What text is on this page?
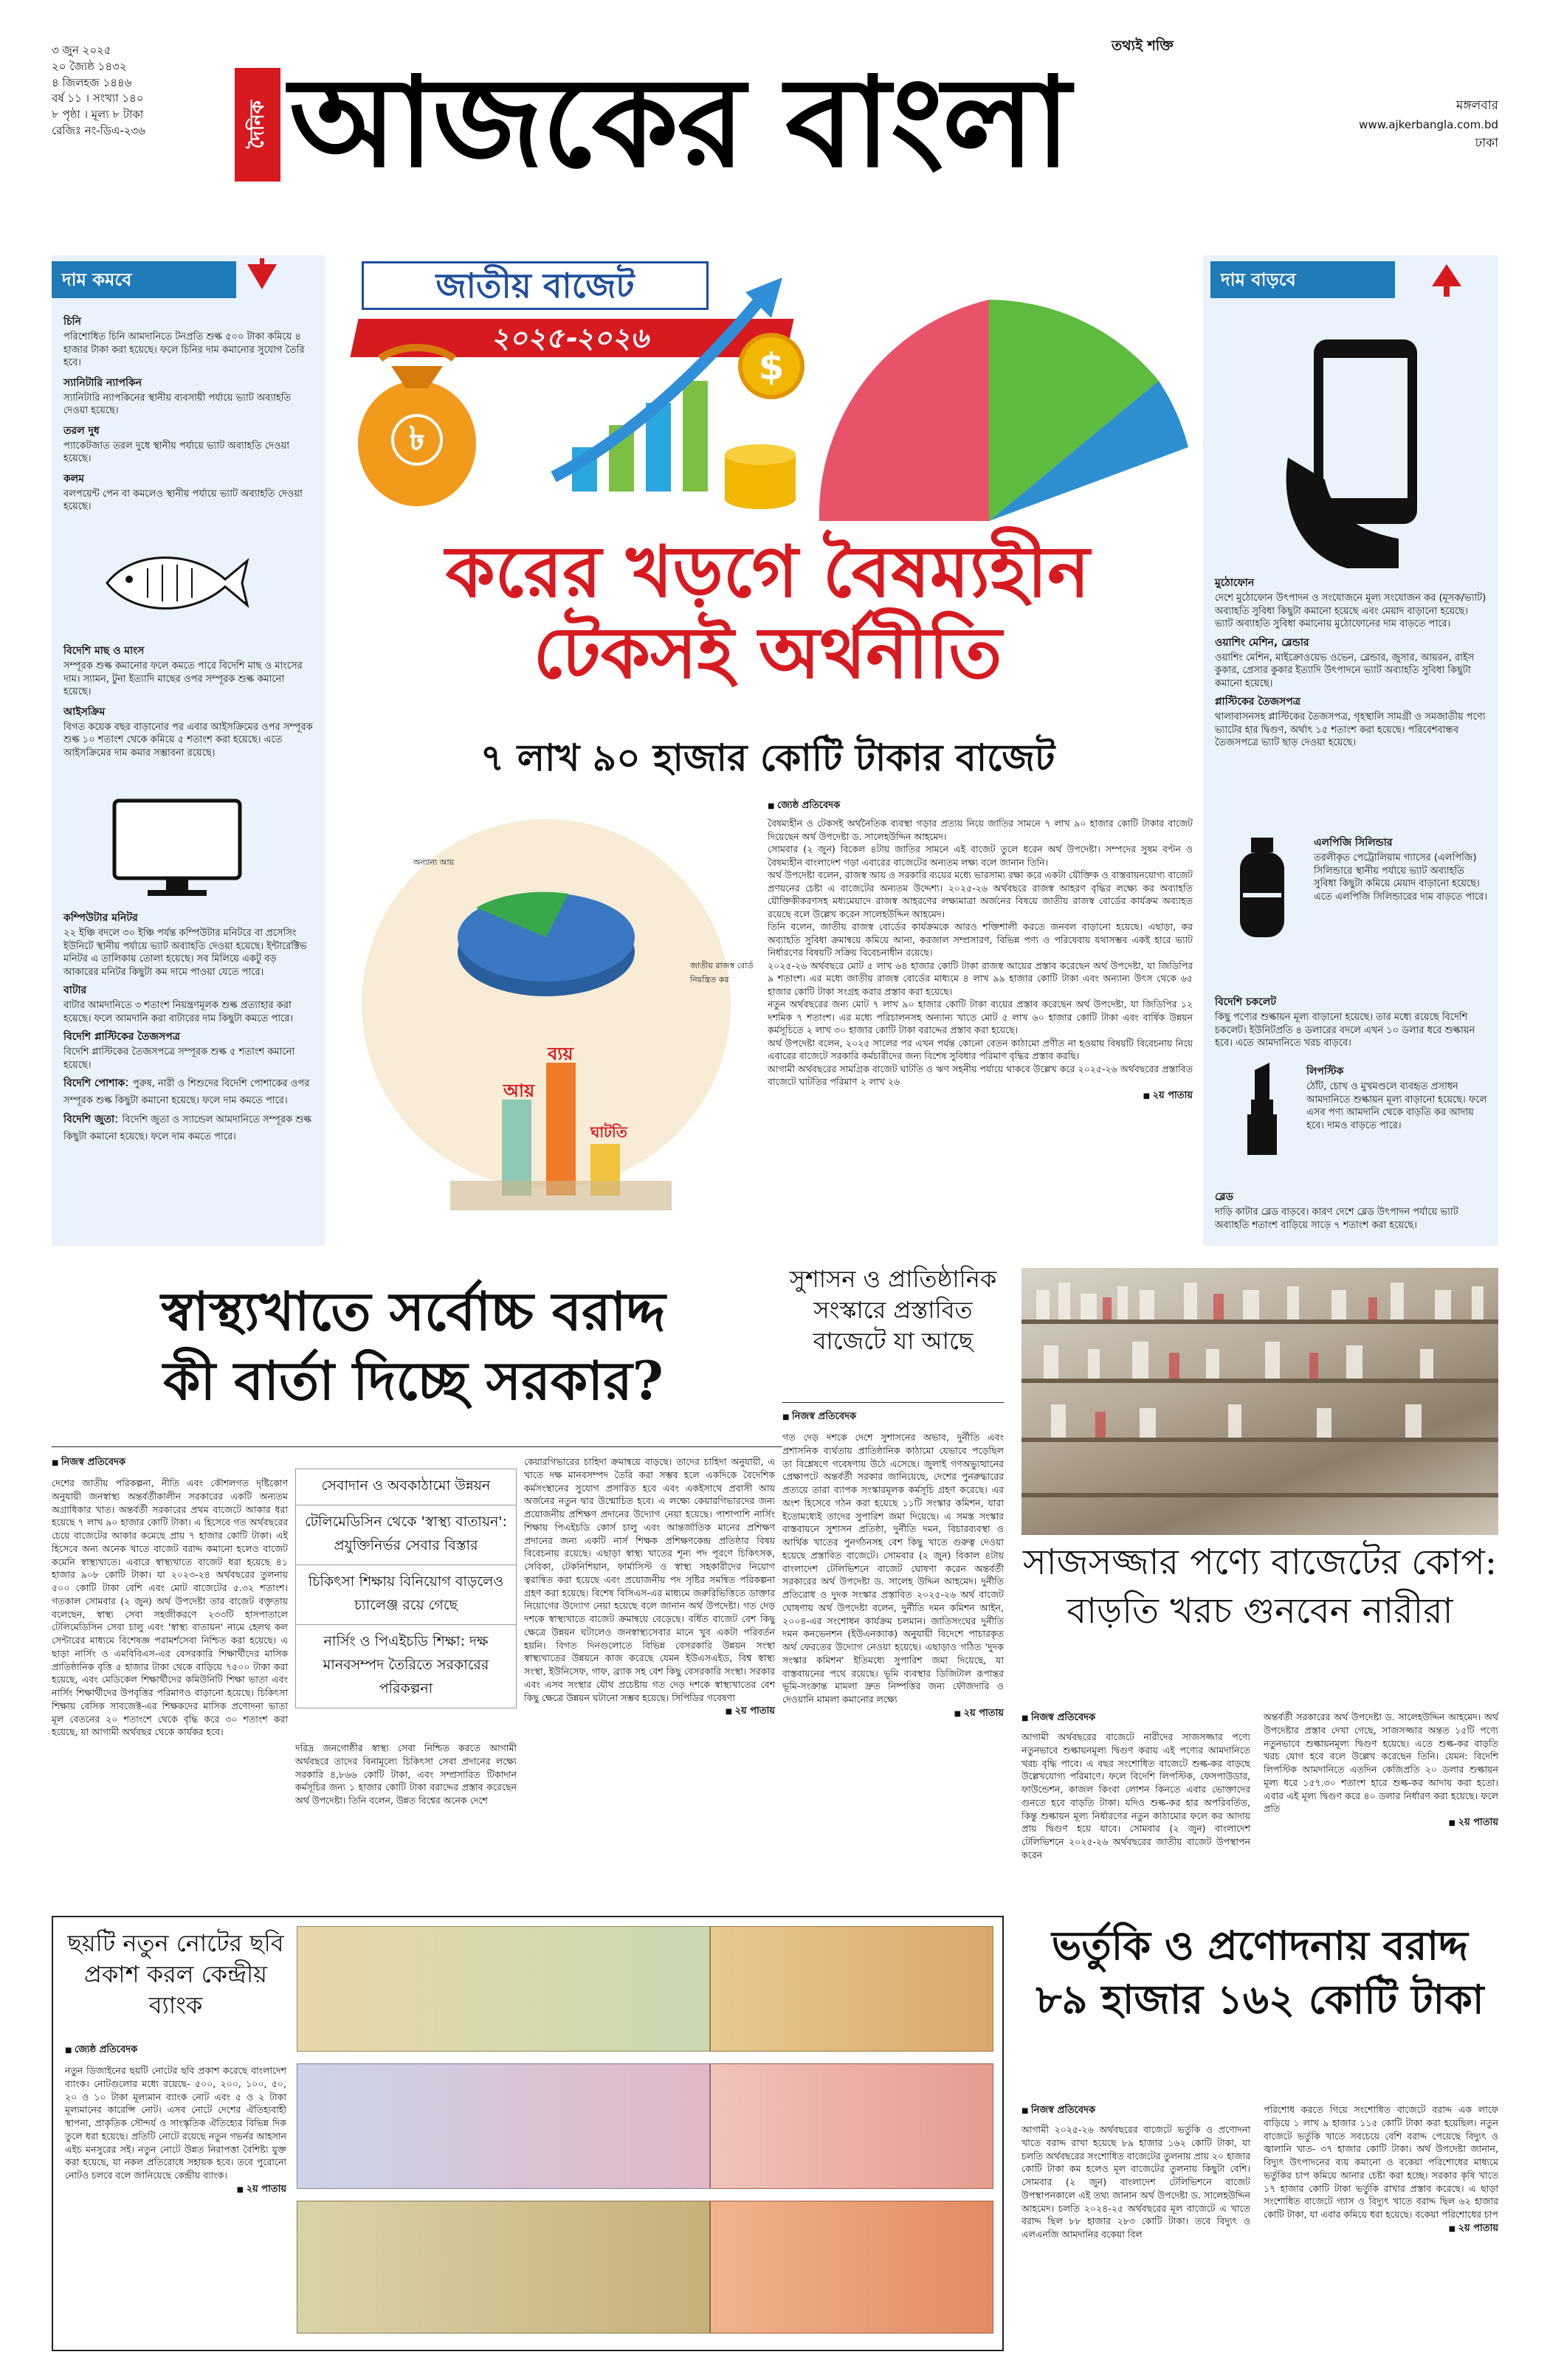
৩ জুন ২০২৫
২০ জ্যৈষ্ঠ ১৪৩২
৪ জিলহজ ১৪৪৬
বর্ষ ১১ । সংখ্যা ১৪০
৮ পৃষ্ঠা । মূল্য ৮ টাকা
রেজিঃ নং-ডিএ-২৩৬	দৈনিক আজকের বাংলা
তথ্যই শক্তি
মঙ্গলবার
www.ajkerbangla.com.bd
ঢাকা
দাম কমবে
চিনি
পরিশোধিত চিনি আমদানিতে টনপ্রতি শুল্ক ৫০০ টাকা কমিয়ে ৪ হাজার টাকা করা হয়েছে। ফলে চিনির দাম কমানোর সুযোগ তৈরি হবে।
স্যানিটারি ন্যাপকিন
স্যানিটারি ন্যাপকিনের স্থানীয় ব্যবসায়ী পর্যায়ে ভ্যাট অব্যাহতি দেওয়া হয়েছে।
তরল দুধ
প্যাকেটজাত তরল দুধে স্থানীয় পর্যায়ে ভ্যাট অব্যাহতি দেওয়া হয়েছে।
কলম
বলপয়েন্ট পেন বা কমলেও স্থানীয় পর্যায়ে ভ্যাট অব্যাহতি দেওয়া হয়েছে।
বিদেশি মাছ ও মাংস
সম্পূরক শুল্ক কমানোর ফলে কমতে পারে বিদেশি মাছ ও মাংসের দাম। স্যামন, টুনা ইত্যাদি মাছের ওপর সম্পূরক শুল্ক কমানো হয়েছে।
আইসক্রিম
বিগত কয়েক বছর বাড়ানোর পর এবার আইসক্রিমের ওপর সম্পূরক শুল্ক ১০ শতাংশ থেকে কমিয়ে ৫ শতাংশ করা হয়েছে। এতে আইসক্রিমের দাম কমার সম্ভাবনা রয়েছে।
কম্পিউটার মনিটর
২২ ইঞ্চি বদলে ৩০ ইঞ্চি পর্যন্ত কম্পিউটার মনিটরে বা প্রসেসিং ইউনিটে স্থানীয় পর্যায়ে ভ্যাট অব্যাহতি দেওয়া হয়েছে। ইন্টারেক্টিভ মনিটর এ তালিকায় তোলা হয়েছে। সব মিলিয়ে একটু বড় আকারের মনিটর কিছুটা কম দামে পাওয়া যেতে পারে।
বাটার
বাটার আমদানিতে ৩ শতাংশ নিয়ন্ত্রণমূলক শুল্ক প্রত্যাহার করা হয়েছে। ফলে আমদানি করা বাটারের দাম কিছুটা কমতে পারে।
বিদেশি প্লাস্টিকের তৈজসপত্র
বিদেশি প্লাস্টিকের তৈজসপত্রে সম্পূরক শুল্ক ৫ শতাংশ কমানো হয়েছে।
বিদেশি পোশাক: পুরুষ, নারী ও শিশুদের বিদেশি পোশাকের ওপর সম্পূরক শুল্ক কিছুটা কমানো হয়েছে। ফলে দাম কমতে পারে।
বিদেশি জুতা: বিদেশি জুতা ও স্যান্ডেল আমদানিতে সম্পূরক শুল্ক কিছুটা কমানো হয়েছে। ফলে দাম কমতে পারে।
দাম বাড়বে
মুঠোফোন
দেশে মুঠোফোন উৎপাদন ও সংযোজনে মূল্য সংযোজন কর (মূসক/ভ্যাট) অব্যাহতি সুবিধা কিছুটা কমানো হয়েছে এবং মেয়াদ বাড়ানো হয়েছে। ভ্যাট অব্যাহতি সুবিধা কমানোয় মুঠোফোনের দাম বাড়তে পারে।
ওয়াশিং মেশিন, ব্লেন্ডার
ওয়াশিং মেশিন, মাইক্রোওয়েভ ওভেন, ব্লেন্ডার, জুসার, আয়রন, রাইস কুকার, প্রেসার কুকার ইত্যাদি উৎপাদনে ভ্যাট অব্যাহতি সুবিধা কিছুটা কমানো হয়েছে।
প্লাস্টিকের তৈজসপত্র
থালাবাসনসহ প্লাস্টিকের তৈজসপত্র, গৃহস্থালি সামগ্রী ও সমজাতীয় পণ্যে ভ্যাটের হার দ্বিগুণ, অর্থাৎ ১৫ শতাংশ করা হয়েছে। পরিবেশবান্ধব তৈজসপত্রে ভ্যাট ছাড় দেওয়া হয়েছে।
এলপিজি সিলিন্ডার
তরলীকৃত পেট্রোলিয়াম গ্যাসের (এলপিজি) সিলিন্ডারে স্থানীয় পর্যায়ে ভ্যাট অব্যাহতি সুবিধা কিছুটা কমিয়ে মেয়াদ বাড়ানো হয়েছে। এতে এলপিজি সিলিন্ডারের দাম বাড়তে পারে।
বিদেশি চকলেট
কিছু পণ্যের শুল্কায়ন মূল্য বাড়ানো হয়েছে। তার মধ্যে রয়েছে বিদেশি চকলেট। ইউনিটপ্রতি ৪ ডলারের বদলে এখন ১০ ডলার ধরে শুল্কায়ন হবে। এতে আমদানিতে খরচ বাড়বে।
লিপস্টিক
ঠোঁট, চোখ ও মুখমণ্ডলে ব্যবহৃত প্রসাধন আমদানিতে শুল্কায়ন মূল্য বাড়ানো হয়েছে। ফলে এসব পণ্য আমদানি থেকে বাড়তি কর আদায় হবে। দামও বাড়তে পারে।
ব্লেড
দাড়ি কাটার ব্লেড বাড়বে। কারণ দেশে ব্লেড উৎপাদন পর্যায়ে ভ্যাট অব্যাহতি শতাংশ বাড়িয়ে সাড়ে ৭ শতাংশ করা হয়েছে।
জাতীয় বাজেট
২০২৫-২০২৬
$
৳
করের খড়গে বৈষম্যহীন
টেকসই অর্থনীতি
৭ লাখ ৯০ হাজার কোটি টাকার বাজেট
অন্যান্য আয়
জাতীয় রাজস্ব বোর্ড নিয়ন্ত্রিত কর
আয়
ব্যয়
ঘাটতি
■ জ্যেষ্ঠ প্রতিবেদক

বৈষম্যহীন ও টেকসই অর্থনৈতিক ব্যবস্থা গড়ার প্রত্যয় নিয়ে জাতির সামনে ৭ লাখ ৯০ হাজার কোটি টাকার বাজেট দিয়েছেন অর্থ উপদেষ্টা ড. সালেহউদ্দিন আহমেদ।

সোমবার (২ জুন) বিকেল ৪টায় জাতির সামনে এই বাজেট তুলে ধরেন অর্থ উপদেষ্টা। সম্পদের সুষম বণ্টন ও বৈষম্যহীন বাংলাদেশ গড়া এবারের বাজেটের অন্যতম লক্ষ্য বলে জানান তিনি।

অর্থ উপদেষ্টা বলেন, রাজস্ব আয় ও সরকারি ব্যয়ের মধ্যে ভারসাম্য রক্ষা করে একটা যৌক্তিক ও বাস্তবায়নযোগ্য বাজেট প্রণয়নের চেষ্টা এ বাজেটের অন্যতম উদ্দেশ্য। ২০২৫-২৬ অর্থবছরে রাজস্ব আহরণ বৃদ্ধির লক্ষ্যে কর অব্যাহতি যৌক্তিকীকরণসহ মধ্যমেয়াদে রাজস্ব আহরণের লক্ষ্যমাত্রা অর্জনের বিষয়ে জাতীয় রাজস্ব বোর্ডের কার্যক্রম অব্যাহত রয়েছে বলে উল্লেখ করেন সালেহউদ্দিন আহমেদ।

তিনি বলেন, জাতীয় রাজস্ব বোর্ডের কার্যক্রমকে আরও শক্তিশালী করতে জনবল বাড়ানো হয়েছে। এছাড়া, কর অব্যাহতি সুবিধা ক্রমান্বয়ে কমিয়ে আনা, করজাল সম্প্রসারণ, বিভিন্ন পণ্য ও পরিষেবায় যথাসম্ভব একই হারে ভ্যাট নির্ধারণের বিষয়টি সক্রিয় বিবেচনাধীন রয়েছে।

২০২৫-২৬ অর্থবছরে মোট ৫ লাখ ৬৪ হাজার কোটি টাকা রাজস্ব আয়ের প্রস্তাব করেছেন অর্থ উপদেষ্টা, যা জিডিপির ৯ শতাংশ। এর মধ্যে জাতীয় রাজস্ব বোর্ডের মাধ্যমে ৪ লাখ ৯৯ হাজার কোটি টাকা এবং অন্যান্য উৎস থেকে ৬৫ হাজার কোটি টাকা সংগ্রহ করার প্রস্তাব করা হয়েছে।

নতুন অর্থবছরের জন্য মোট ৭ লাখ ৯০ হাজার কোটি টাকা ব্যয়ের প্রস্তাব করেছেন অর্থ উপদেষ্টা, যা জিডিপির ১২ দশমিক ৭ শতাংশ। এর মধ্যে পরিচালনসহ অন্যান্য খাতে মোট ৫ লাখ ৬০ হাজার কোটি টাকা এবং বার্ষিক উন্নয়ন কর্মসূচিতে ২ লাখ ৩০ হাজার কোটি টাকা বরাদ্দের প্রস্তাব করা হয়েছে।

অর্থ উপদেষ্টা বলেন, ২০২৫ সালের পর এখন পর্যন্ত কোনো বেতন কাঠামো প্রণীত না হওয়ায় বিষয়টি বিবেচনায় নিয়ে এবারের বাজেটে সরকারি কর্মচারীদের জন্য বিশেষ সুবিধার পরিমাণ বৃদ্ধির প্রস্তাব করছি।

আগামী অর্থবছরের সামগ্রিক বাজেট ঘাটতি ও ঋণ সহনীয় পর্যায়ে থাকবে উল্লেখ করে ২০২৫-২৬ অর্থবছরের প্রস্তাবিত বাজেটে ঘাটতির পরিমাণ ২ লাখ ২৬

■ ২য় পাতায়
স্বাস্থ্যখাতে সর্বোচ্চ বরাদ্দ
কী বার্তা দিচ্ছে সরকার?
■ নিজস্ব প্রতিবেদক
দেশের জাতীয় পরিকল্পনা, নীতি এবং কৌশলগত দৃষ্টিকোণ অনুযায়ী জনস্বাস্থ্য অন্তর্বর্তীকালীন সরকারের একটি অন্যতম অগ্রাধিকার খাত। অন্তর্বর্তী সরকারের প্রথম বাজেটে আকার ধরা হয়েছে ৭ লাখ ৯০ হাজার কোটি টাকা। এ হিসেবে গত অর্থবছরের চেয়ে বাজেটের আকার কমেছে প্রায় ৭ হাজার কোটি টাকা। এই হিসেবে অন্য অনেক খাতে বাজেট বরাদ্দ কমানো হলেও বাজেট কমেনি স্বাস্থ্যখাতে। এবারে স্বাস্থ্যখাতে বাজেট ধরা হয়েছে ৪১ হাজার ৯০৮ কোটি টাকা। যা ২০২৩-২৪ অর্থবছরের তুলনায় ৫০০ কোটি টাকা বেশি এবং মোট বাজেটের ৫.৩২ শতাংশ। গতকাল সোমবার (২ জুন) অর্থ উপদেষ্টা তার বাজেট বক্তৃতায় বলেছেন, স্বাস্থ্য সেবা সহজীকরণে ২৩৩টি হাসপাতালে টেলিমেডিসিন সেবা চালু এবং 'স্বাস্থ্য বাতায়ন' নামে হেলথ কল সেন্টারের মাধ্যমে বিশেষজ্ঞ পরামর্শসেবা নিশ্চিত করা হয়েছে। এ ছাড়া নার্সিং ও এমবিবিএস-এর বেসরকারি শিক্ষার্থীদের মাসিক প্রাতিষ্ঠানিক বৃত্তি ৫ হাজার টাকা থেকে বাড়িয়ে ৭৫০০ টাকা করা হয়েছে, এবং মেডিকেল শিক্ষার্থীদের কমিউনিটি শিক্ষা ভাতা এবং নার্সিং শিক্ষার্থীদের উপবৃত্তির পরিমাণও বাড়ানো হয়েছে। চিকিৎসা শিক্ষায় বেসিক সাবজেক্ট-এর শিক্ষকদের মাসিক প্রণোদনা ভাতা মূল বেতনের ২০ শতাংশে থেকে বৃদ্ধি করে ৩০ শতাংশ করা হয়েছে, যা আগামী অর্থবছর থেকে কার্যকর হবে।
সেবাদান ও অবকাঠামো উন্নয়ন
টেলিমেডিসিন থেকে 'স্বাস্থ্য বাতায়ন': প্রযুক্তিনির্ভর সেবার বিস্তার
চিকিৎসা শিক্ষায় বিনিয়োগ বাড়লেও চ্যালেঞ্জ রয়ে গেছে
নার্সিং ও পিএইচডি শিক্ষা: দক্ষ মানবসম্পদ তৈরিতে সরকারের পরিকল্পনা
দরিদ্র জনগোষ্ঠীর স্বাস্থ্য সেবা নিশ্চিত করতে আগামী অর্থবছরে তাদের বিনামূল্যে চিকিৎসা সেবা প্রদানের লক্ষ্যে সরকারি ৪,৮৬৬ কোটি টাকা, এবং সম্প্রসারিত টিকাদান কর্মসূচির জন্য ১ হাজার কোটি টাকা বরাদ্দের প্রস্তাব করেছেন অর্থ উপদেষ্টা। তিনি বলেন, উন্নত বিশ্বের অনেক দেশে
কেয়ারগিভারের চাহিদা ক্রমান্বয়ে বাড়ছে। তাদের চাহিদা অনুযায়ী, এ খাতে দক্ষ মানবসম্পদ তৈরি করা সম্ভব হলে একদিকে বৈদেশিক কর্মসংস্থানের সুযোগ প্রসারিত হবে এবং একইসাথে প্রবাসী আয় অর্জনের নতুন দ্বার উন্মোচিত হবে। এ লক্ষ্যে কেয়ারগিভারদের জন্য প্রয়োজনীয় প্রশিক্ষণ প্রদানের উদ্যোগ নেয়া হয়েছে। পাশাপাশি নার্সিং শিক্ষায় পিএইচডি কোর্স চালু এবং আন্তর্জাতিক মানের প্রশিক্ষণ প্রদানের জন্য একটি নার্স শিক্ষক প্রশিক্ষণকেন্দ্র প্রতিষ্ঠার বিষয় বিবেচনায় রয়েছে। এছাড়া স্বাস্থ্য খাতের শূন্য পদ পূরণে চিকিৎসক, সেবিকা, টেকনিশিয়ান, ফার্মাসিস্ট ও স্বাস্থ্য সহকারীদের নিয়োগ ত্বরান্বিত করা হয়েছে এবং প্রয়োজনীয় পদ সৃষ্টির সমন্বিত পরিকল্পনা গ্রহণ করা হয়েছে। বিশেষ বিসিএস-এর মাধ্যমে জরুরিভিত্তিতে ডাক্তার নিয়োগের উদ্যোগ নেয়া হয়েছে বলে জানান অর্থ উপদেষ্টা। গত দেড় দশকে স্বাস্থ্যখাতে বাজেট ক্রমান্বয়ে বেড়েছে। বর্ধিত বাজেট বেশ কিছু ক্ষেত্রে উন্নয়ন ঘটালেও জনস্বাস্থ্যসেবার মানে খুব একটা পরিবর্তন হয়নি। বিগত দিনগুলোতে বিভিন্ন বেসরকারি উন্নয়ন সংস্থা স্বাস্থ্যখাতের উন্নয়নে কাজ করেছে যেমন ইউএসএইড, বিশ্ব স্বাস্থ্য সংস্থা, ইউনিসেফ, গাফ, ব্র্যাক সহ বেশ কিছু বেসরকারি সংস্থা। সরকার এবং এসব সংস্থার যৌথ প্রচেষ্টায় গত দেড় দশকে স্বাস্থ্যখাতের বেশ কিছু ক্ষেত্রে উন্নয়ন ঘটানো সম্ভব হয়েছে। সিপিডির গবেষণা
■ ২য় পাতায়
সুশাসন ও প্রাতিষ্ঠানিক সংস্কারে প্রস্তাবিত বাজেটে যা আছে
■ নিজস্ব প্রতিবেদক
গত দেড় দশকে দেশে সুশাসনের অভাব, দুর্নীতি এবং প্রশাসনিক ব্যর্থতায় প্রাতিষ্ঠানিক কাঠামো যেভাবে পড়েছিল তা বিশ্লেষণে গবেষণায় উঠে এসেছে। জুলাই গণঅভ্যুত্থানের প্রেক্ষাপটে অন্তর্বর্তী সরকার জানিয়েছে, দেশের পুনরুদ্ধারের প্রত্যয়ে তারা ব্যাপক সংস্কারমূলক কর্মসূচি গ্রহণ করেছে। এর অংশ হিসেবে গঠন করা হয়েছে ১১টি সংস্কার কমিশন, যারা ইতোমধ্যেই তাদের সুপারিশ জমা দিয়েছে। এ সমস্ত সংস্কার বাস্তবায়নে সুশাসন প্রতিষ্ঠা, দুর্নীতি দমন, বিচারব্যবস্থা ও আর্থিক খাতের পুনর্গঠনসহ বেশ কিছু খাতে গুরুত্ব দেওয়া হয়েছে প্রস্তাবিত বাজেটে। সোমবার (২ জুন) বিকাল ৪টায় বাংলাদেশ টেলিভিশনে বাজেট ঘোষণা করেন অন্তর্বর্তী সরকারের অর্থ উপদেষ্টা ড. সালেহ উদ্দিন আহমেদ। দুর্নীতি প্রতিরোধ ও দুদক সংস্কার প্রস্তাবিত ২০২৫-২৬ অর্থ বাজেট ঘোষণায় অর্থ উপদেষ্টা বলেন, দুর্নীতি দমন কমিশন আইন, ২০০৪-এর সংশোধন কার্যক্রম চলমান। জাতিসংঘের দুর্নীতি দমন কনভেনশন (ইউএনক্যাক) অনুযায়ী বিদেশে পাচারকৃত অর্থ ফেরতের উদ্যোগ নেওয়া হয়েছে। এছাড়াও গঠিত 'দুদক সংস্কার কমিশন' ইতিমধ্যে সুপারিশ জমা দিয়েছে, যা বাস্তবায়নের পথে রয়েছে। ভূমি ব্যবস্থার ডিজিটাল রূপান্তর ভূমি-সংক্রান্ত মামলা দ্রুত নিষ্পত্তির জন্য ফৌজদারি ও দেওয়ানি মামলা কমানোর লক্ষ্যে
■ ২য় পাতায়
সাজসজ্জার পণ্যে বাজেটের কোপ: বাড়তি খরচ গুনবেন নারীরা
■ নিজস্ব প্রতিবেদক
আগামী অর্থবছরের বাজেটে নারীদের সাজসজ্জার পণ্যে নতুনভাবে শুল্কায়নমূল্য দ্বিগুণ করায় এই পণ্যের আমদানিতে খরচ বৃদ্ধি পাবে। এ বছর সংশোধিত বাজেটে শুল্ক-কর বাড়ছে উল্লেখযোগ্য পরিমাণে। ফলে বিদেশি লিপস্টিক, ফেসপাউডার, ফাউন্ডেশন, কাজল কিংবা লোশন কিনতে এবার ভোক্তাদের গুনতে হবে বাড়তি টাকা। যদিও শুল্ক-কর হার অপরিবর্তিত, কিন্তু শুল্কায়ন মূল্য নির্ধারণের নতুন কাঠামোর ফলে কর আদায় প্রায় দ্বিগুণ হয়ে যাবে। সোমবার (২ জুন) বাংলাদেশ টেলিভিশনে ২০২৫-২৬ অর্থবছরের জাতীয় বাজেট উপস্থাপন করেন
অন্তর্বর্তী সরকারের অর্থ উপদেষ্টা ড. সালেহউদ্দিন আহমেদ। অর্থ উপদেষ্টার প্রস্তাব দেখা গেছে, সাজসজ্জার অন্তত ১৫টি পণ্যে নতুনভাবে শুল্কায়নমূল্য দ্বিগুণ হয়েছে। এতে শুল্ক-কর বাড়তি খরচ যোগ হবে বলে উল্লেখ করেছেন তিনি। যেমন: বিদেশি লিপস্টিক আমদানিতে এতদিন কেজিপ্রতি ২০ ডলার শুল্কায়ন মূল্য ধরে ১৫৭.৩০ শতাংশ হারে শুল্ক-কর আদায় করা হতো। এবার এই মূল্য দ্বিগুণ করে ৪০ ডলার নির্ধারণ করা হয়েছে। ফলে প্রতি
■ ২য় পাতায়
ছয়টি নতুন নোটের ছবি প্রকাশ করল কেন্দ্রীয় ব্যাংক
■ জ্যেষ্ঠ প্রতিবেদক
নতুন ডিজাইনের ছয়টি নোটের ছবি প্রকাশ করেছে বাংলাদেশ ব্যাংক। নোটগুলোর মধ্যে রয়েছে- ৫০০, ২০০, ১০০, ৫০, ২০ ও ১০ টাকা মূল্যমান ব্যাংক নোট এবং ৫ ও ২ টাকা মূল্যমানের কারেন্সি নোট। এসব নোটে দেশের ঐতিহ্যবাহী স্থাপনা, প্রাকৃতিক সৌন্দর্য ও সাংস্কৃতিক ঐতিহ্যের বিভিন্ন দিক তুলে ধরা হয়েছে। প্রতিটি নোটে রয়েছে নতুন গভর্নর আহসান এইচ মনসুরের সই। নতুন নোটে উন্নত নিরাপত্তা বৈশিষ্ট্য যুক্ত করা হয়েছে, যা নকল প্রতিরোধে সহায়ক হবে। তবে পুরোনো নোটও চলবে বলে জানিয়েছে কেন্দ্রীয় ব্যাংক।
■ ২য় পাতায়
ভর্তুকি ও প্রণোদনায় বরাদ্দ ৮৯ হাজার ১৬২ কোটি টাকা
■ নিজস্ব প্রতিবেদক
আগামী ২০২৫-২৬ অর্থবছরের বাজেটে ভর্তুকি ও প্রণোদনা খাতে বরাদ্দ রাখা হয়েছে ৮৯ হাজার ১৬২ কোটি টাকা, যা চলতি অর্থবছরের সংশোধিত বাজেটের তুলনায় প্রায় ২০ হাজার কোটি টাকা কম হলেও মূল বাজেটের তুলনায় কিছুটা বেশি। সোমবার (২ জুন) বাংলাদেশ টেলিভিশনে বাজেট উপস্থাপনকালে এই তথ্য জানান অর্থ উপদেষ্টা ড. সালেহউদ্দিন আহমেদ। চলতি ২০২৪-২৫ অর্থবছরের মূল বাজেটে এ খাতে বরাদ্দ ছিল ৮৮ হাজার ২৮৩ কোটি টাকা। তবে বিদ্যুৎ ও এলএনজি আমদানির বকেয়া বিল
পরিশোধ করতে গিয়ে সংশোধিত বাজেটে বরাদ্দ এক লাফে বাড়িয়ে ১ লাখ ৯ হাজার ১১৫ কোটি টাকা করা হয়েছিল। নতুন বাজেটে ভর্তুকি খাতে সবচেয়ে বেশি বরাদ্দ পেয়েছে বিদ্যুৎ ও জ্বালানি খাত- ৩৭ হাজার কোটি টাকা। অর্থ উপদেষ্টা জানান, বিদ্যুৎ উৎপাদনের ব্যয় কমানো ও বকেয়া পরিশোধের মাধ্যমে ভর্তুকির চাপ কমিয়ে আনার চেষ্টা করা হচ্ছে। সরকার কৃষি খাতে ১৭ হাজার কোটি টাকা ভর্তুকি রাখার প্রস্তাব করেছে। এ ছাড়া সংশোধিত বাজেটে গ্যাস ও বিদ্যুৎ খাতে বরাদ্দ ছিল ৬২ হাজার কোটি টাকা, যা এবার কমিয়ে ধরা হয়েছে। বকেয়া পরিশোধের চাপ
■ ২য় পাতায়
